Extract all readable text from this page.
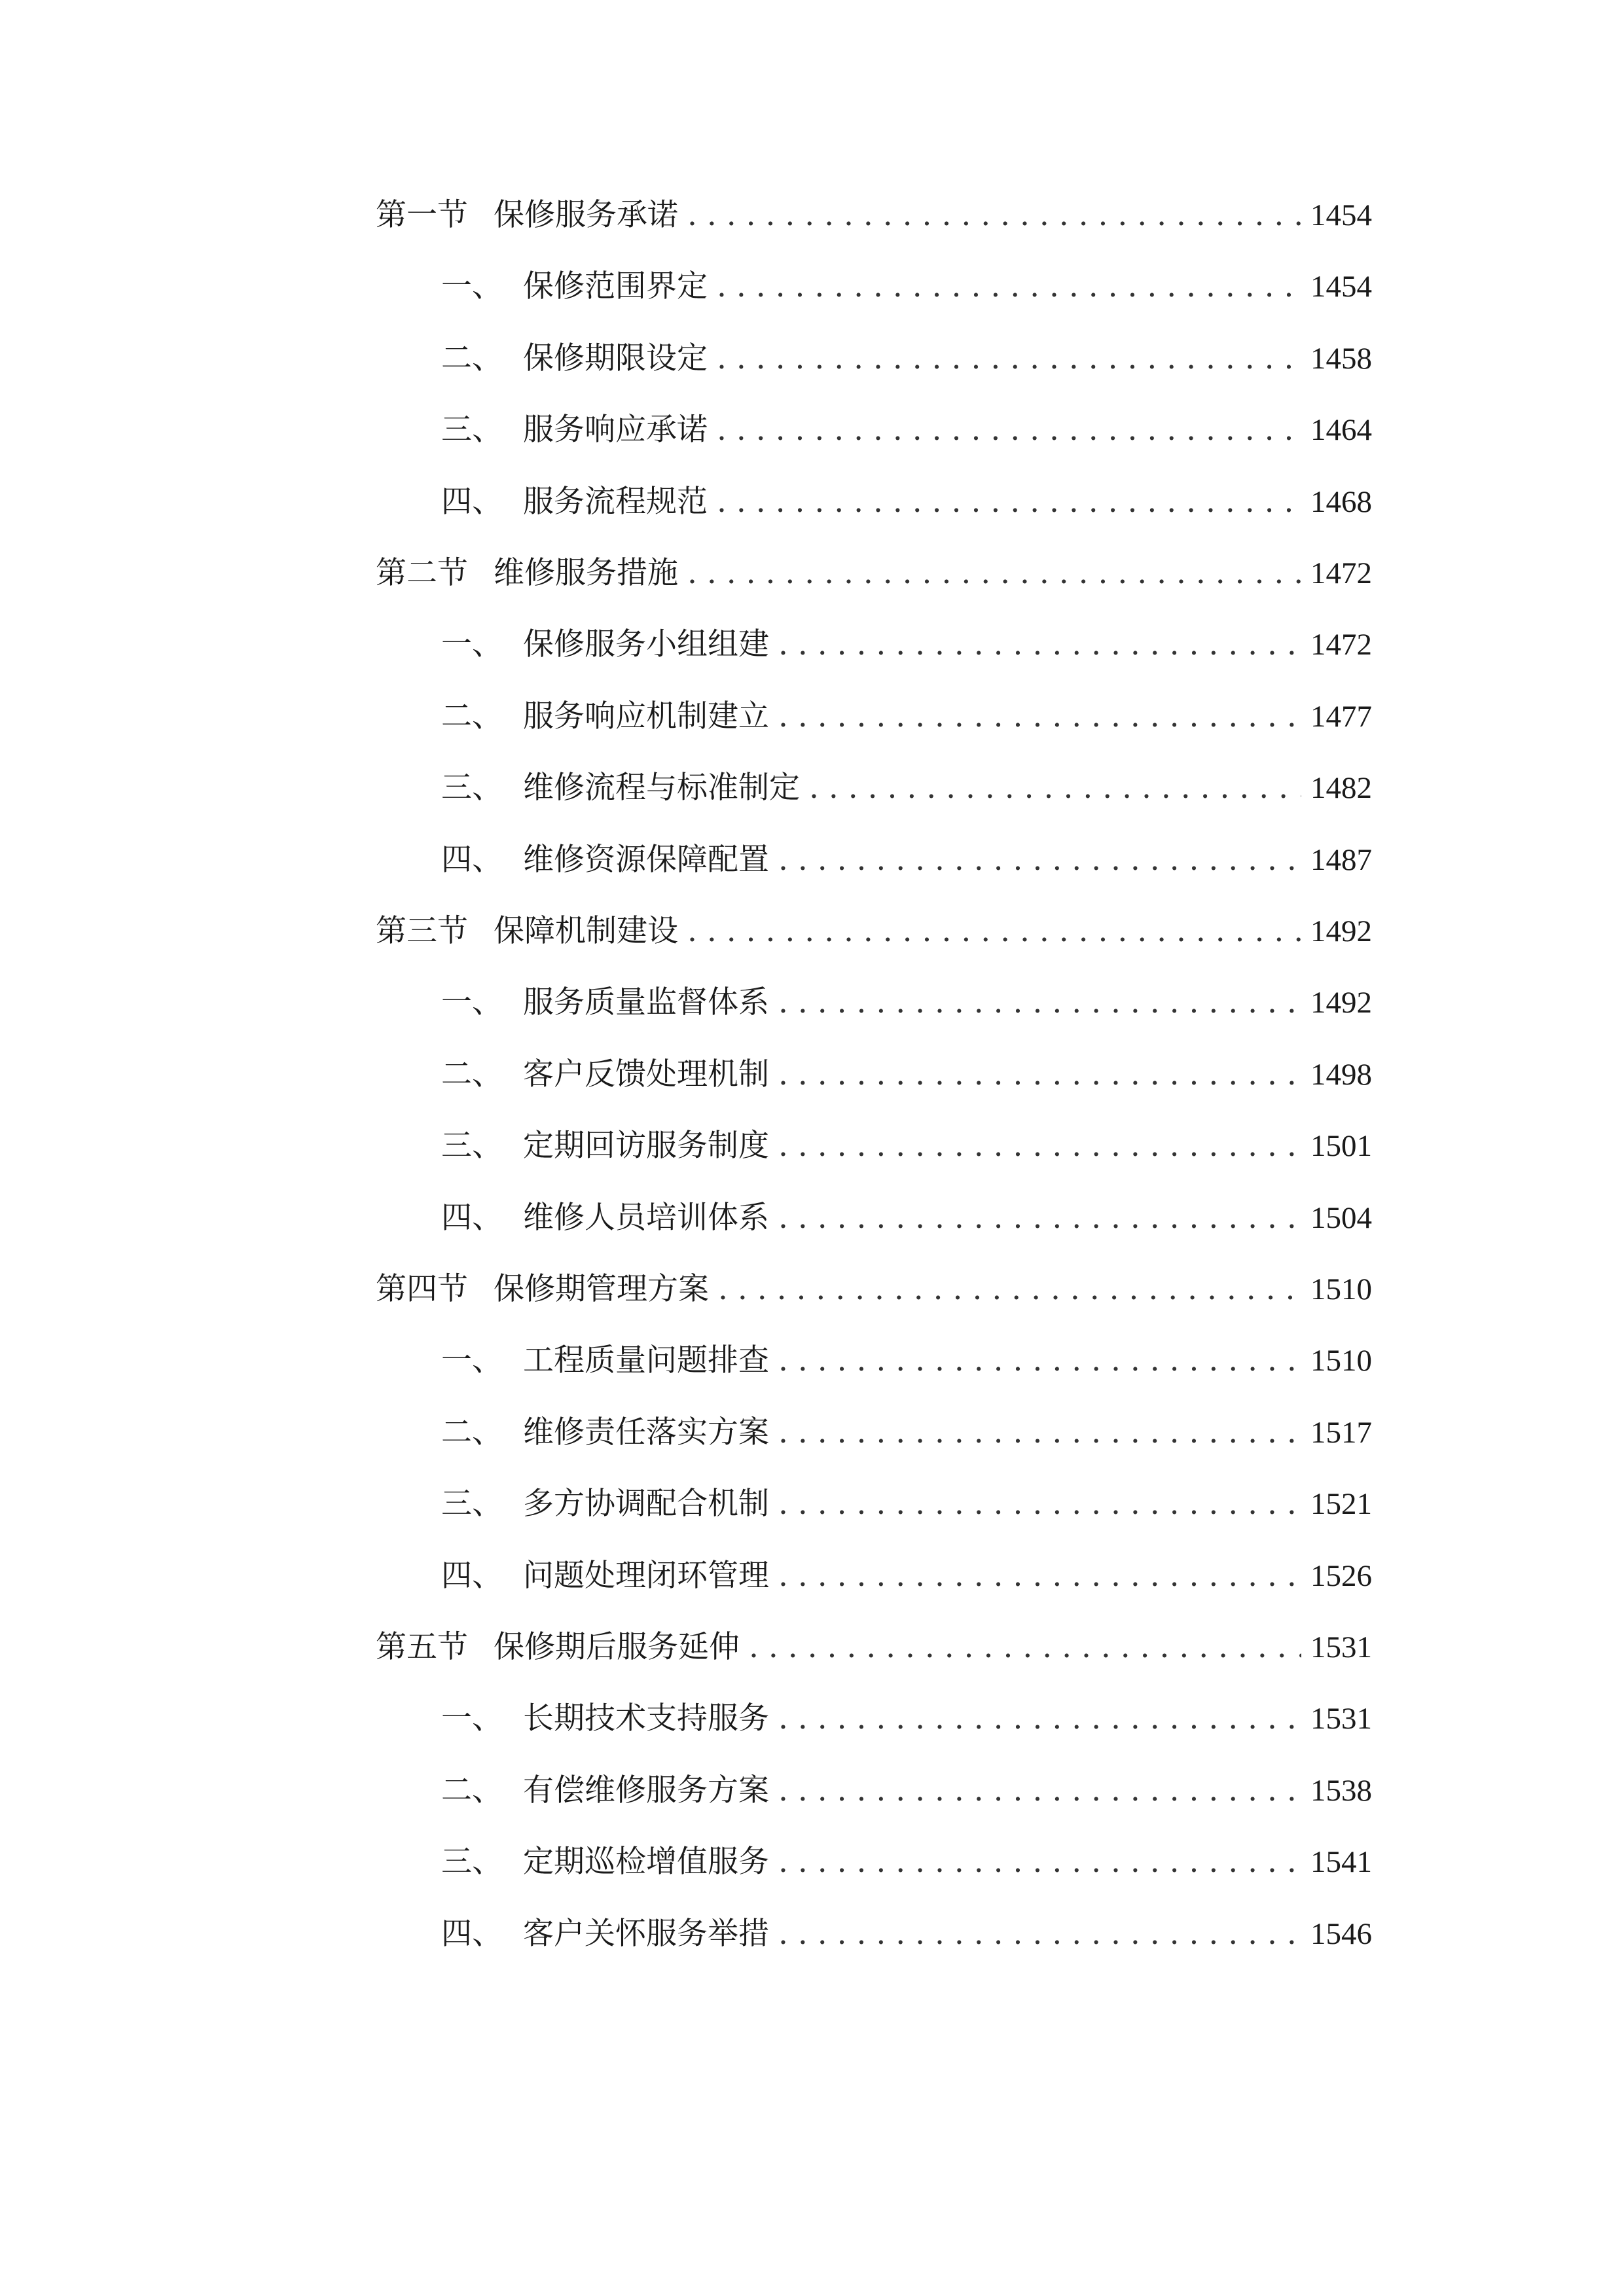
第一节 保修服务承诺 . . .	1454
一、 保修范围界定 . . .	1454
二、 保修期限设定 . . .	1458
三、 服务响应承诺 . . .	1464
四、 服务流程规范 . . .	1468
第二节 维修服务措施 . . .	1472
一、 保修服务小组组建 . . .	1472
二、 服务响应机制建立 . . .	1477
三、 维修流程与标准制定 . . .	1482
四、 维修资源保障配置 . . .	1487
第三节 保障机制建设 . . .	1492
一、 服务质量监督体系 . . .	1492
二、 客户反馈处理机制 . . .	1498
三、 定期回访服务制度 . . .	1501
四、 维修人员培训体系 . . .	1504
第四节 保修期管理方案 . . .	1510
一、 工程质量问题排查 . . .	1510
二、 维修责任落实方案 . . .	1517
三、 多方协调配合机制 . . .	1521
四、 问题处理闭环管理 . . .	1526
第五节 保修期后服务延伸 . . .	1531
一、 长期技术支持服务 . . .	1531
二、 有偿维修服务方案 . . .	1538
三、 定期巡检增值服务 . . .	1541
四、 客户关怀服务举措 . . .	1546
